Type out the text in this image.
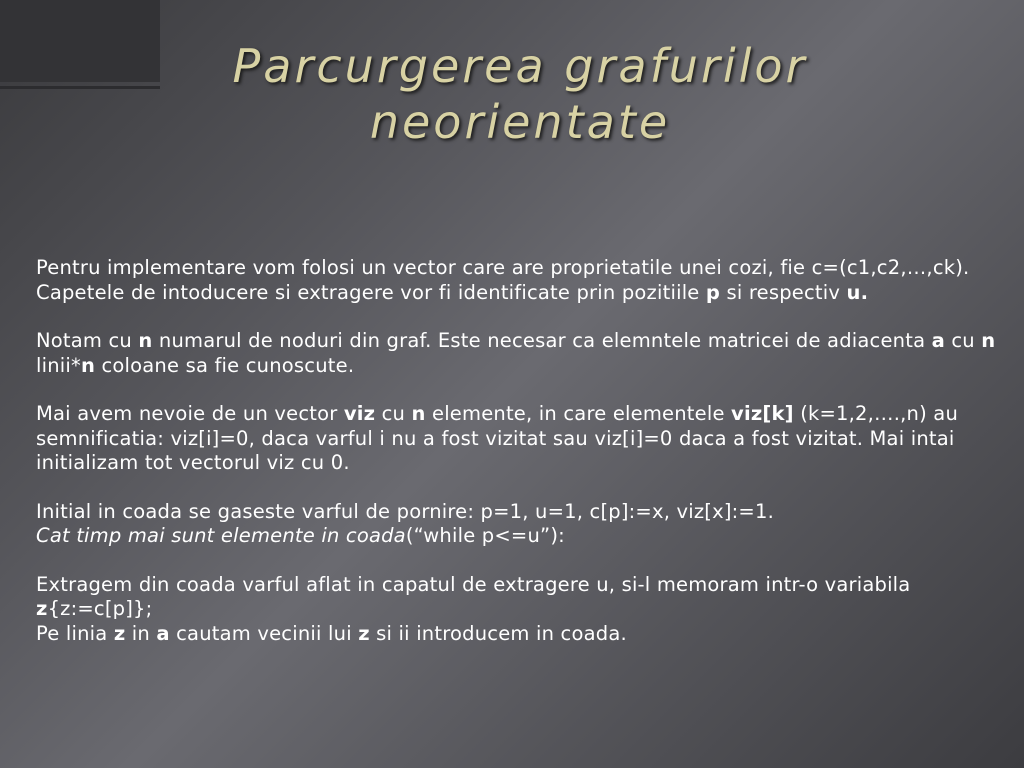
Parcurgerea grafurilor
neorientate

Pentru implementare vom folosi un vector care are proprietatile unei cozi, fie c=(c1,c2,…,ck). Capetele de intoducere si extragere vor fi identificate prin pozitiile p si respectiv u.

Notam cu n numarul de noduri din graf. Este necesar ca elemntele matricei de adiacenta a cu n linii*n coloane sa fie cunoscute.

Mai avem nevoie de un vector viz cu n elemente, in care elementele viz[k] (k=1,2,….,n) au semnificatia: viz[i]=0, daca varful i nu a fost vizitat sau viz[i]=0 daca a fost vizitat. Mai intai initializam tot vectorul viz cu 0.

Initial in coada se gaseste varful de pornire: p=1, u=1, c[p]:=x, viz[x]:=1.
Cat timp mai sunt elemente in coada(“while p<=u”):

Extragem din coada varful aflat in capatul de extragere u, si-l memoram intr-o variabila z{z:=c[p]};
Pe linia z in a cautam vecinii lui z si ii introducem in coada.
